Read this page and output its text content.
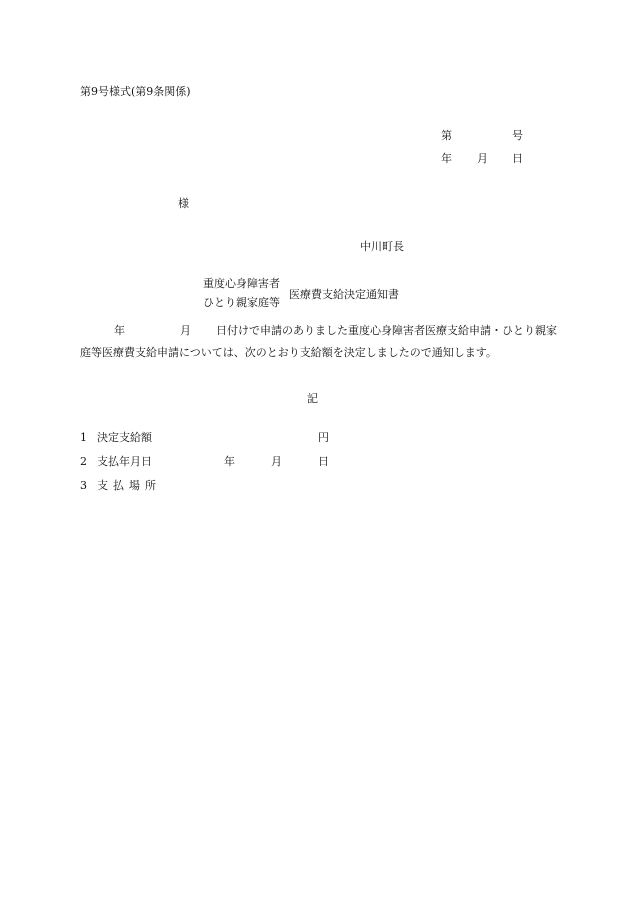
第9号様式(第9条関係)
第	号
年 月 日
様
中川町長
重度心身障害者
ひとり親家庭等
医療費支給決定通知書
年	月 日付けで申請のありました重度心身障害者医療支給申請・ひとり親家
庭等医療費支給申請については、次のとおり支給額を決定しましたので通知します。
記
1 決定支給額	円
2 支払年月日	年	月	日
3 支払場所
